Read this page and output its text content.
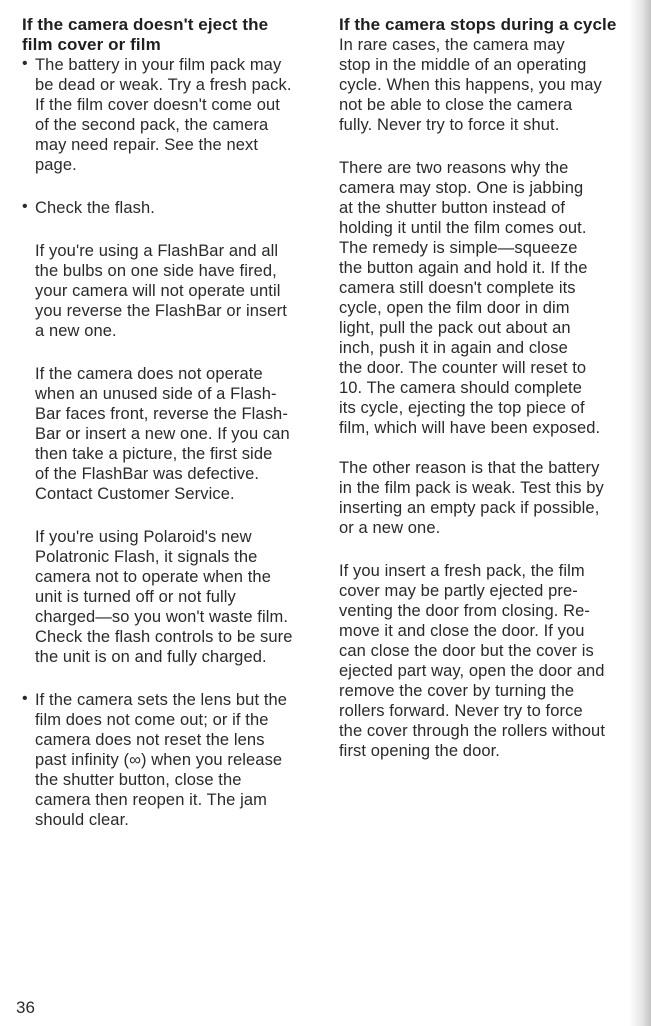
If the camera doesn't eject the

film cover or film

• The battery in your film pack may

be dead or weak. Try a fresh pack.

If the film cover doesn't come out

of the second pack, the camera

may need repair. See the next

page.

• Check the flash.

If you're using a FlashBar and all

the bulbs on one side have fired,

your camera will not operate until

you reverse the FlashBar or insert

a new one.

If the camera does not operate

when an unused side of a Flash-

Bar faces front, reverse the Flash-

Bar or insert a new one. If you can

then take a picture, the first side

of the FlashBar was defective.

Contact Customer Service.

If you're using Polaroid's new

Polatronic Flash, it signals the

camera not to operate when the

unit is turned off or not fully

charged—so you won't waste film.

Check the flash controls to be sure

the unit is on and fully charged.

• If the camera sets the lens but the

film does not come out; or if the

camera does not reset the lens

past infinity (∞) when you release

the shutter button, close the

camera then reopen it. The jam

should clear.

If the camera stops during a cycle

In rare cases, the camera may

stop in the middle of an operating

cycle. When this happens, you may

not be able to close the camera

fully. Never try to force it shut.

There are two reasons why the

camera may stop. One is jabbing

at the shutter button instead of

holding it until the film comes out.

The remedy is simple—squeeze

the button again and hold it. If the

camera still doesn't complete its

cycle, open the film door in dim

light, pull the pack out about an

inch, push it in again and close

the door. The counter will reset to

10. The camera should complete

its cycle, ejecting the top piece of

film, which will have been exposed.

The other reason is that the battery

in the film pack is weak. Test this by

inserting an empty pack if possible,

or a new one.

If you insert a fresh pack, the film

cover may be partly ejected pre-

venting the door from closing. Re-

move it and close the door. If you

can close the door but the cover is

ejected part way, open the door and

remove the cover by turning the

rollers forward. Never try to force

the cover through the rollers without

first opening the door.

36
